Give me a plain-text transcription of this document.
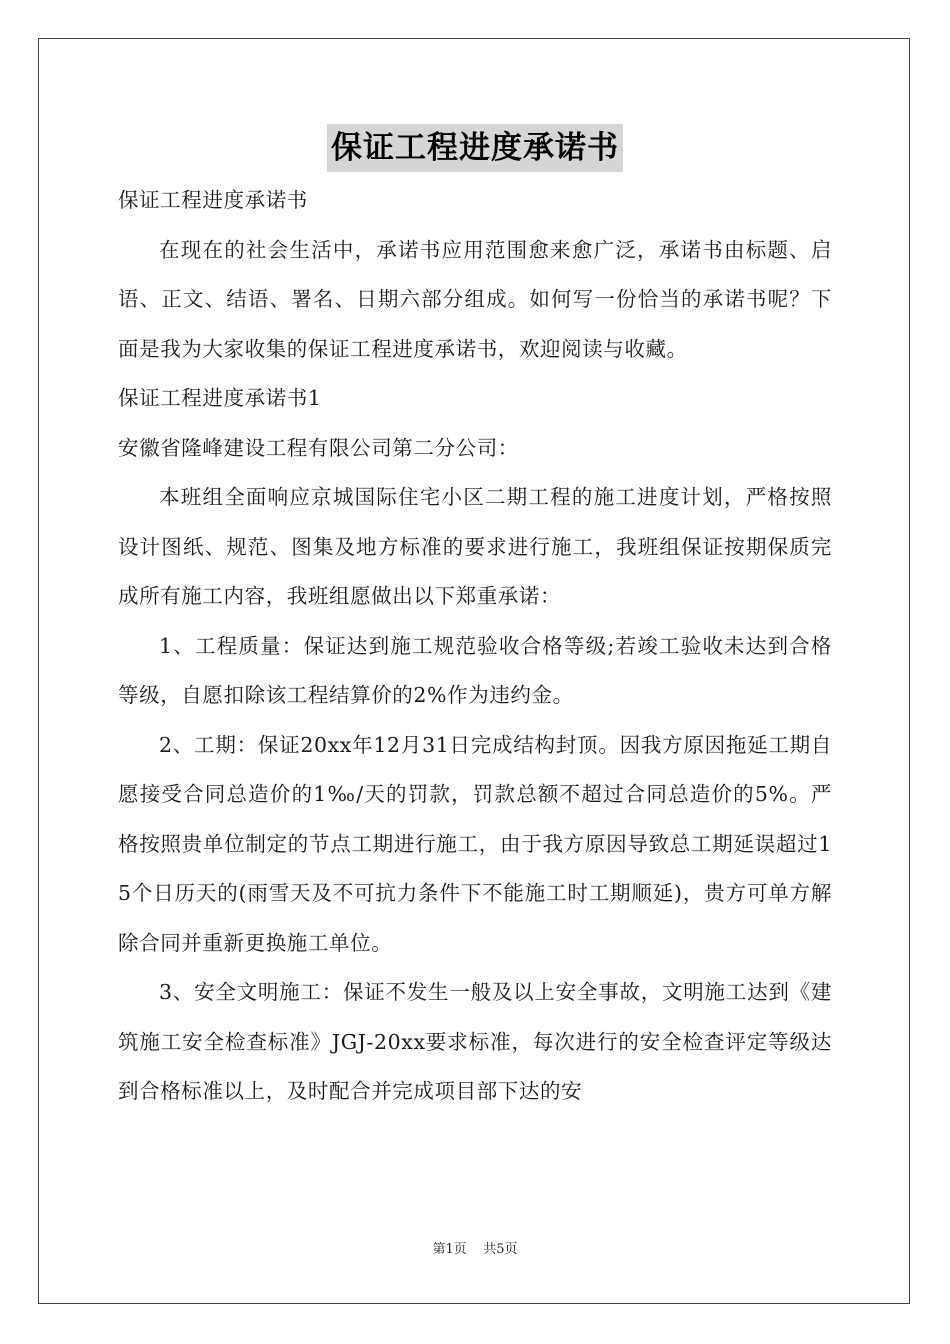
保证工程进度承诺书

保证工程进度承诺书

在现在的社会生活中，承诺书应用范围愈来愈广泛，承诺书由标题、启语、正文、结语、署名、日期六部分组成。如何写一份恰当的承诺书呢？下面是我为大家收集的保证工程进度承诺书，欢迎阅读与收藏。

保证工程进度承诺书1

安徽省隆峰建设工程有限公司第二分公司：

本班组全面响应京城国际住宅小区二期工程的施工进度计划，严格按照设计图纸、规范、图集及地方标准的要求进行施工，我班组保证按期保质完成所有施工内容，我班组愿做出以下郑重承诺：

1、工程质量：保证达到施工规范验收合格等级;若竣工验收未达到合格等级，自愿扣除该工程结算价的2%作为违约金。

2、工期：保证20xx年12月31日完成结构封顶。因我方原因拖延工期自愿接受合同总造价的1‰/天的罚款，罚款总额不超过合同总造价的5%。严格按照贵单位制定的节点工期进行施工，由于我方原因导致总工期延误超过15个日历天的(雨雪天及不可抗力条件下不能施工时工期顺延)，贵方可单方解除合同并重新更换施工单位。

3、安全文明施工：保证不发生一般及以上安全事故，文明施工达到《建筑施工安全检查标准》JGJ-20xx要求标准，每次进行的安全检查评定等级达到合格标准以上，及时配合并完成项目部下达的安

第1页 共5页
